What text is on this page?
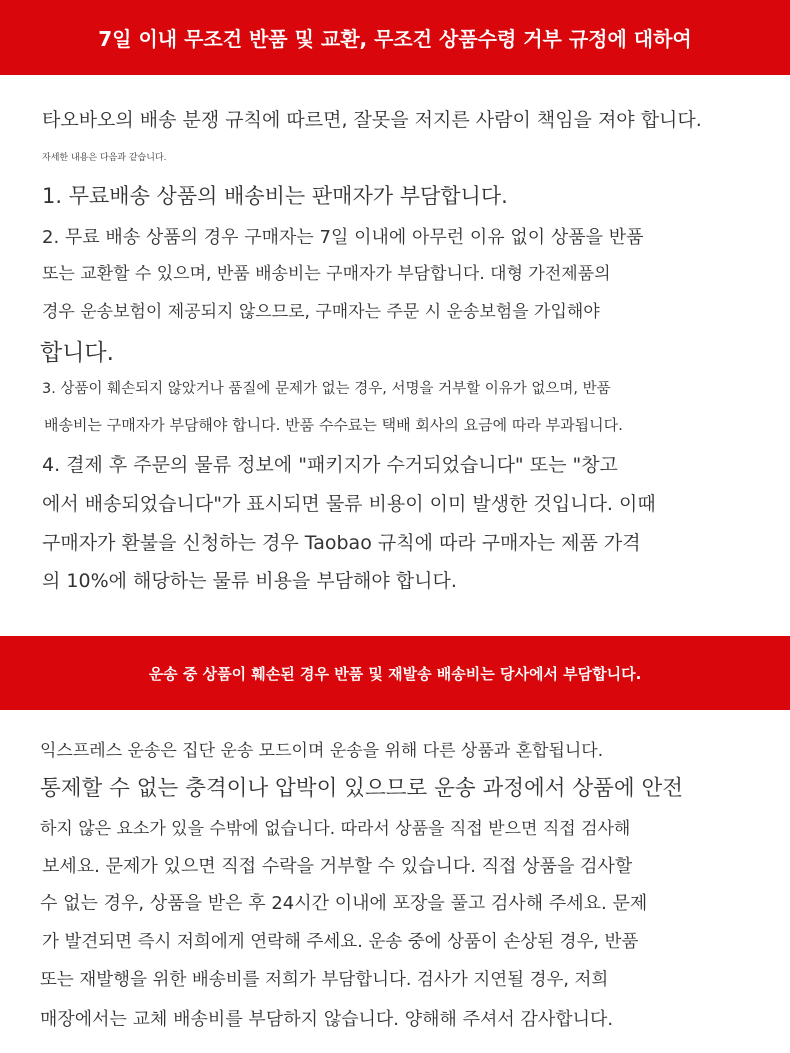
7일 이내 무조건 반품 및 교환, 무조건 상품수령 거부 규정에 대하여
타오바오의 배송 분쟁 규칙에 따르면, 잘못을 저지른 사람이 책임을 져야 합니다.
자세한 내용은 다음과 같습니다.
1. 무료배송 상품의 배송비는 판매자가 부담합니다.
2. 무료 배송 상품의 경우 구매자는 7일 이내에 아무런 이유 없이 상품을 반품
또는 교환할 수 있으며, 반품 배송비는 구매자가 부담합니다. 대형 가전제품의
경우 운송보험이 제공되지 않으므로, 구매자는 주문 시 운송보험을 가입해야
합니다.
3. 상품이 훼손되지 않았거나 품질에 문제가 없는 경우, 서명을 거부할 이유가 없으며, 반품
배송비는 구매자가 부담해야 합니다. 반품 수수료는 택배 회사의 요금에 따라 부과됩니다.
4. 결제 후 주문의 물류 정보에 "패키지가 수거되었습니다" 또는 "창고
에서 배송되었습니다"가 표시되면 물류 비용이 이미 발생한 것입니다. 이때
구매자가 환불을 신청하는 경우 Taobao 규칙에 따라 구매자는 제품 가격
의 10%에 해당하는 물류 비용을 부담해야 합니다.
운송 중 상품이 훼손된 경우 반품 및 재발송 배송비는 당사에서 부담합니다.
익스프레스 운송은 집단 운송 모드이며 운송을 위해 다른 상품과 혼합됩니다.
통제할 수 없는 충격이나 압박이 있으므로 운송 과정에서 상품에 안전
하지 않은 요소가 있을 수밖에 없습니다. 따라서 상품을 직접 받으면 직접 검사해
보세요. 문제가 있으면 직접 수락을 거부할 수 있습니다. 직접 상품을 검사할
수 없는 경우, 상품을 받은 후 24시간 이내에 포장을 풀고 검사해 주세요. 문제
가 발견되면 즉시 저희에게 연락해 주세요. 운송 중에 상품이 손상된 경우, 반품
또는 재발행을 위한 배송비를 저희가 부담합니다. 검사가 지연될 경우, 저희
매장에서는 교체 배송비를 부담하지 않습니다. 양해해 주셔서 감사합니다.
